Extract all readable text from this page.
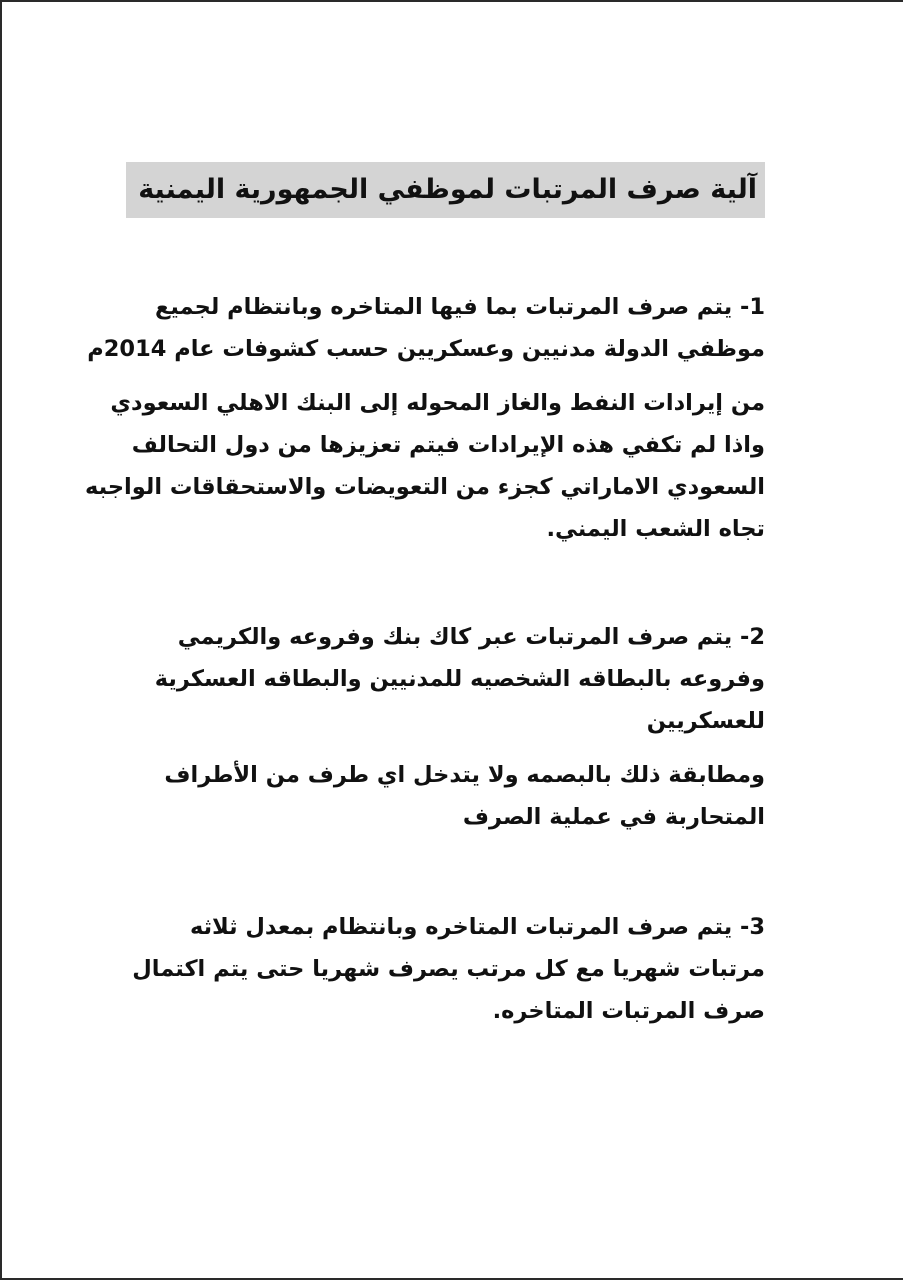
آلية صرف المرتبات لموظفي الجمهورية اليمنية

1- يتم صرف المرتبات بما فيها المتاخره وبانتظام لجميع
موظفي الدولة مدنيين وعسكريين حسب كشوفات عام 2014م

من إيرادات النفط والغاز المحوله إلى البنك الاهلي السعودي
واذا لم تكفي هذه الإيرادات فيتم تعزيزها من دول التحالف
السعودي الاماراتي كجزء من التعويضات والاستحقاقات الواجبه
تجاه الشعب اليمني.

2- يتم صرف المرتبات عبر كاك بنك وفروعه والكريمي
وفروعه بالبطاقه الشخصيه للمدنيين والبطاقه العسكرية
للعسكريين

ومطابقة ذلك بالبصمه ولا يتدخل اي طرف من الأطراف
المتحاربة في عملية الصرف

3- يتم صرف المرتبات المتاخره وبانتظام بمعدل ثلاثه
مرتبات شهريا مع كل مرتب يصرف شهريا حتى يتم اكتمال
صرف المرتبات المتاخره.
